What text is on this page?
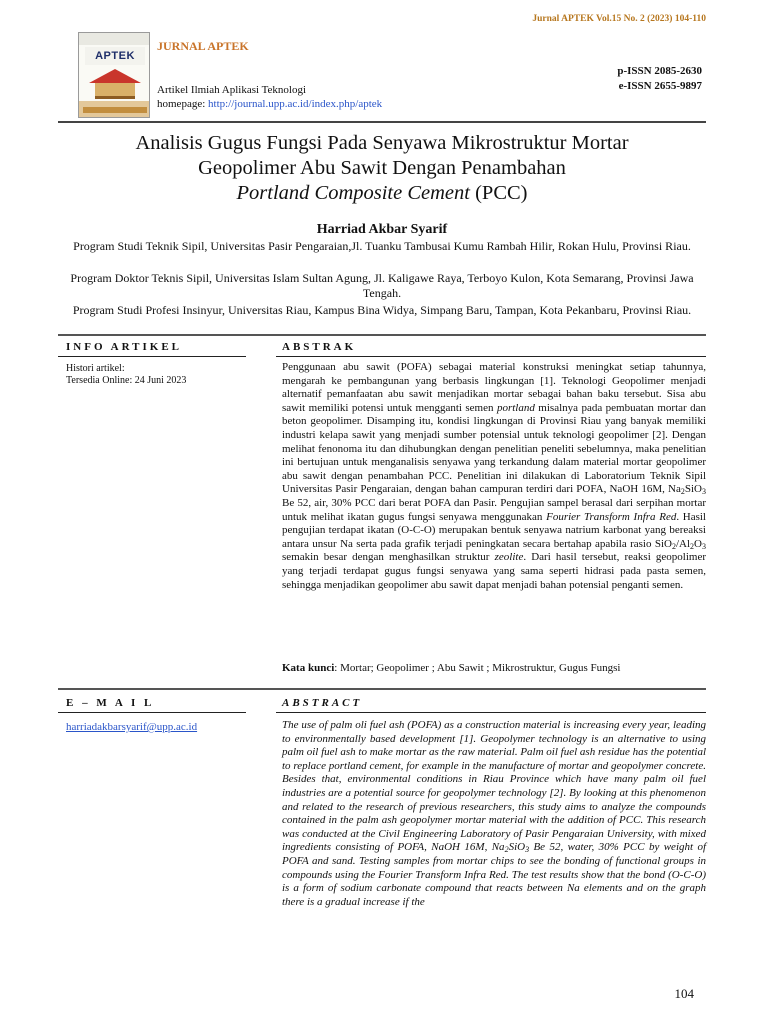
Jurnal APTEK Vol.15 No. 2 (2023) 104-110
APTEK
JURNAL APTEK
Artikel Ilmiah Aplikasi Teknologi
homepage: http://journal.upp.ac.id/index.php/aptek
p-ISSN 2085-2630
e-ISSN 2655-9897
Analisis Gugus Fungsi Pada Senyawa Mikrostruktur Mortar
Geopolimer Abu Sawit Dengan Penambahan
Portland Composite Cement (PCC)
Harriad Akbar Syarif
Program Studi Teknik Sipil, Universitas Pasir Pengaraian,Jl. Tuanku Tambusai Kumu Rambah Hilir, Rokan Hulu, Provinsi Riau.
Program Doktor Teknis Sipil, Universitas Islam Sultan Agung, Jl. Kaligawe Raya, Terboyo Kulon, Kota Semarang, Provinsi Jawa Tengah.
Program Studi Profesi Insinyur, Universitas Riau, Kampus Bina Widya, Simpang Baru, Tampan, Kota Pekanbaru, Provinsi Riau.
INFO ARTIKEL	ABSTRAK
Histori artikel:
Tersedia Online: 24 Juni 2023
Penggunaan abu sawit (POFA) sebagai material konstruksi meningkat setiap tahunnya, mengarah ke pembangunan yang berbasis lingkungan [1]. Teknologi Geopolimer menjadi alternatif pemanfaatan abu sawit menjadikan mortar sebagai bahan baku tersebut. Sisa abu sawit memiliki potensi untuk mengganti semen portland misalnya pada pembuatan mortar dan beton geopolimer. Disamping itu, kondisi lingkungan di Provinsi Riau yang banyak memiliki industri kelapa sawit yang menjadi sumber potensial untuk teknologi geopolimer [2]. Dengan melihat fenonoma itu dan dihubungkan dengan penelitian peneliti sebelumnya, maka penelitian ini bertujuan untuk menganalisis senyawa yang terkandung dalam material mortar geopolimer abu sawit dengan penambahan PCC. Penelitian ini dilakukan di Laboratorium Teknik Sipil Universitas Pasir Pengaraian, dengan bahan campuran terdiri dari POFA, NaOH 16M, $Na_2SiO_3$ Be 52, air, 30% PCC dari berat POFA dan Pasir. Pengujian sampel berasal dari serpihan mortar untuk melihat ikatan gugus fungsi senyawa menggunakan Fourier Transform Infra Red. Hasil pengujian terdapat ikatan (O-C-O) merupakan bentuk senyawa natrium karbonat yang bereaksi antara unsur Na serta pada grafik terjadi peningkatan secara bertahap apabila rasio $SiO_2/Al_2O_3$ semakin besar dengan menghasilkan struktur zeolite. Dari hasil tersebut, reaksi geopolimer yang terjadi terdapat gugus fungsi senyawa yang sama seperti hidrasi pada pasta semen, sehingga menjadikan geopolimer abu sawit dapat menjadi bahan potensial penganti semen.
Kata kunci: Mortar; Geopolimer ; Abu Sawit ; Mikrostruktur, Gugus Fungsi
E – M A I L	ABSTRACT
harriadakbarsyarif@upp.ac.id	The use of palm oli fuel ash (POFA) as a construction material is increasing every year, leading to environmentally based development [1]. Geopolymer technology is an alternative to using palm oil fuel ash to make mortar as the raw material. Palm oil fuel ash residue has the potential to replace portland cement, for example in the manufacture of mortar and geopolymer concrete. Besides that, environmental conditions in Riau Province which have many palm oil fuel industries are a potential source for geopolymer technology [2]. By looking at this phenomenon and related to the research of previous researchers, this study aims to analyze the compounds contained in the palm ash geopolymer mortar material with the addition of PCC. This research was conducted at the Civil Engineering Laboratory of Pasir Pengaraian University, with mixed ingredients consisting of POFA, NaOH 16M, $Na_2SiO_3$ Be 52, water, 30% PCC by weight of POFA and sand. Testing samples from mortar chips to see the bonding of functional groups in compounds using the Fourier Transform Infra Red. The test results show that the bond (O-C-O) is a form of sodium carbonate compound that reacts between Na elements and on the graph there is a gradual increase if the
104
